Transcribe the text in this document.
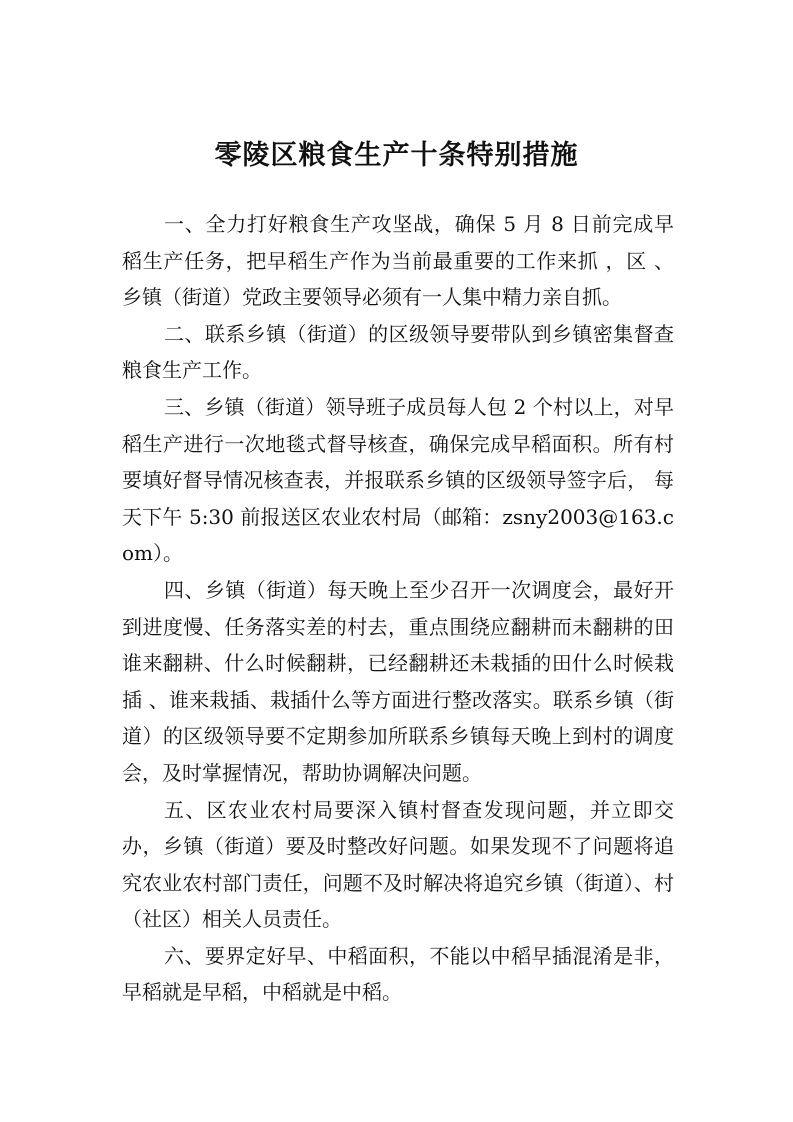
零陵区粮食生产十条特别措施

一、全力打好粮食生产攻坚战，确保 5 月 8 日前完成早稻生产任务，把早稻生产作为当前最重要的工作来抓 ，区 、乡镇（街道）党政主要领导必须有一人集中精力亲自抓。

二、联系乡镇（街道）的区级领导要带队到乡镇密集督查粮食生产工作。

三、乡镇（街道）领导班子成员每人包 2 个村以上，对早稻生产进行一次地毯式督导核查，确保完成早稻面积。所有村要填好督导情况核查表，并报联系乡镇的区级领导签字后， 每天下午 5:30 前报送区农业农村局（邮箱：zsny2003@163.com）。

四、乡镇（街道）每天晚上至少召开一次调度会，最好开到进度慢、任务落实差的村去，重点围绕应翻耕而未翻耕的田谁来翻耕、什么时候翻耕，已经翻耕还未栽插的田什么时候栽插 、谁来栽插、栽插什么等方面进行整改落实。联系乡镇（街道）的区级领导要不定期参加所联系乡镇每天晚上到村的调度会，及时掌握情况，帮助协调解决问题。

五、区农业农村局要深入镇村督查发现问题，并立即交办，乡镇（街道）要及时整改好问题。如果发现不了问题将追究农业农村部门责任，问题不及时解决将追究乡镇（街道）、村（社区）相关人员责任。

六、要界定好早、中稻面积，不能以中稻早插混淆是非， 早稻就是早稻，中稻就是中稻。
